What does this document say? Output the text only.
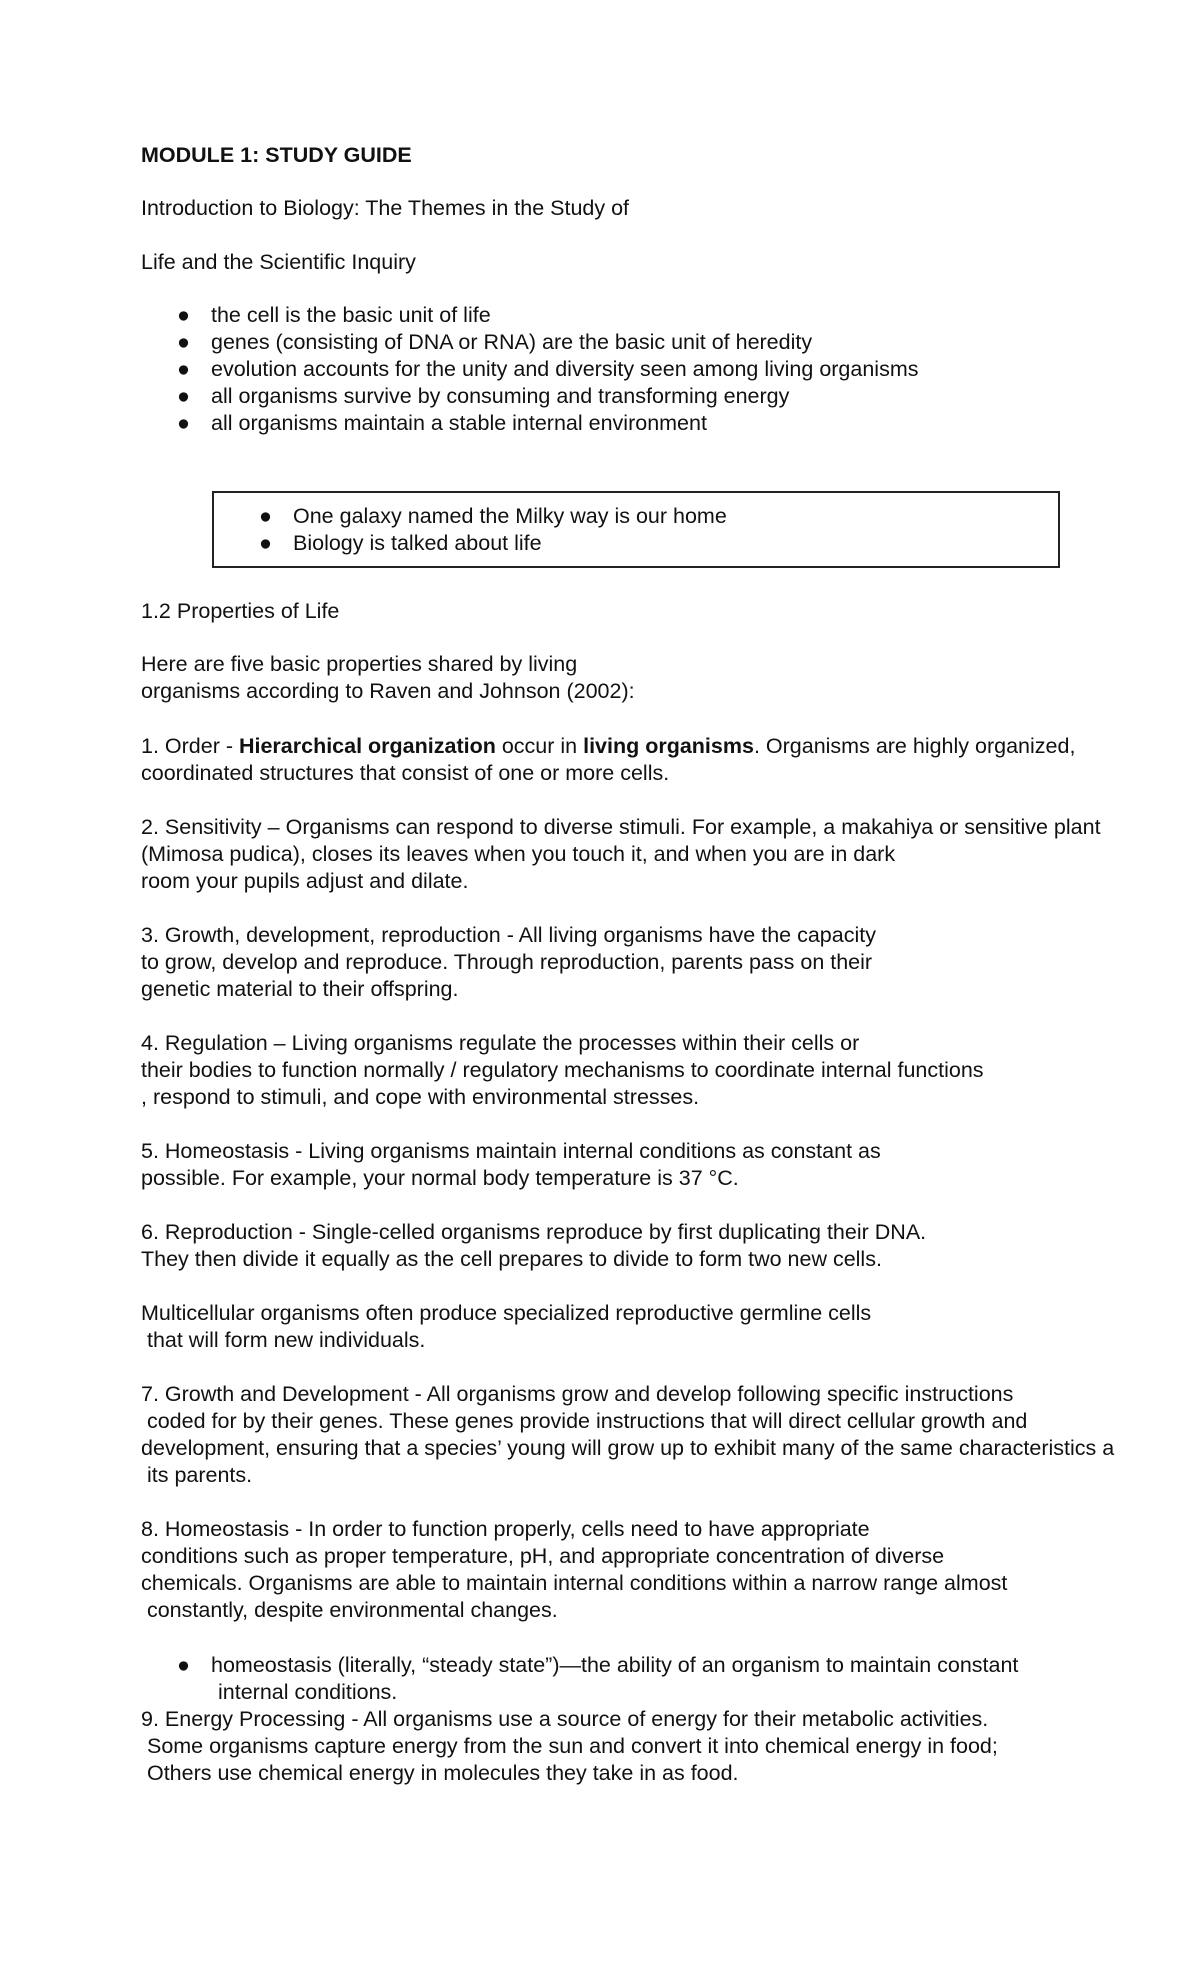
MODULE 1: STUDY GUIDE
Introduction to Biology: The Themes in the Study of
Life and the Scientific Inquiry
● the cell is the basic unit of life
● genes (consisting of DNA or RNA) are the basic unit of heredity
● evolution accounts for the unity and diversity seen among living organisms
● all organisms survive by consuming and transforming energy
● all organisms maintain a stable internal environment
● One galaxy named the Milky way is our home
● Biology is talked about life
1.2 Properties of Life
Here are five basic properties shared by living
organisms according to Raven and Johnson (2002):
1. Order - Hierarchical organization occur in living organisms. Organisms are highly organized,
coordinated structures that consist of one or more cells.
2. Sensitivity – Organisms can respond to diverse stimuli. For example, a makahiya or sensitive plant
(Mimosa pudica), closes its leaves when you touch it, and when you are in dark
room your pupils adjust and dilate.
3. Growth, development, reproduction - All living organisms have the capacity
to grow, develop and reproduce. Through reproduction, parents pass on their
genetic material to their offspring.
4. Regulation – Living organisms regulate the processes within their cells or
their bodies to function normally / regulatory mechanisms to coordinate internal functions
, respond to stimuli, and cope with environmental stresses.
5. Homeostasis - Living organisms maintain internal conditions as constant as
possible. For example, your normal body temperature is 37 °C.
6. Reproduction - Single-celled organisms reproduce by first duplicating their DNA.
They then divide it equally as the cell prepares to divide to form two new cells.
Multicellular organisms often produce specialized reproductive germline cells
that will form new individuals.
7. Growth and Development - All organisms grow and develop following specific instructions
coded for by their genes. These genes provide instructions that will direct cellular growth and
development, ensuring that a species’ young will grow up to exhibit many of the same characteristics a
its parents.
8. Homeostasis - In order to function properly, cells need to have appropriate
conditions such as proper temperature, pH, and appropriate concentration of diverse
chemicals. Organisms are able to maintain internal conditions within a narrow range almost
constantly, despite environmental changes.
● homeostasis (literally, “steady state”)—the ability of an organism to maintain constant
internal conditions.
9. Energy Processing - All organisms use a source of energy for their metabolic activities.
Some organisms capture energy from the sun and convert it into chemical energy in food;
Others use chemical energy in molecules they take in as food.
